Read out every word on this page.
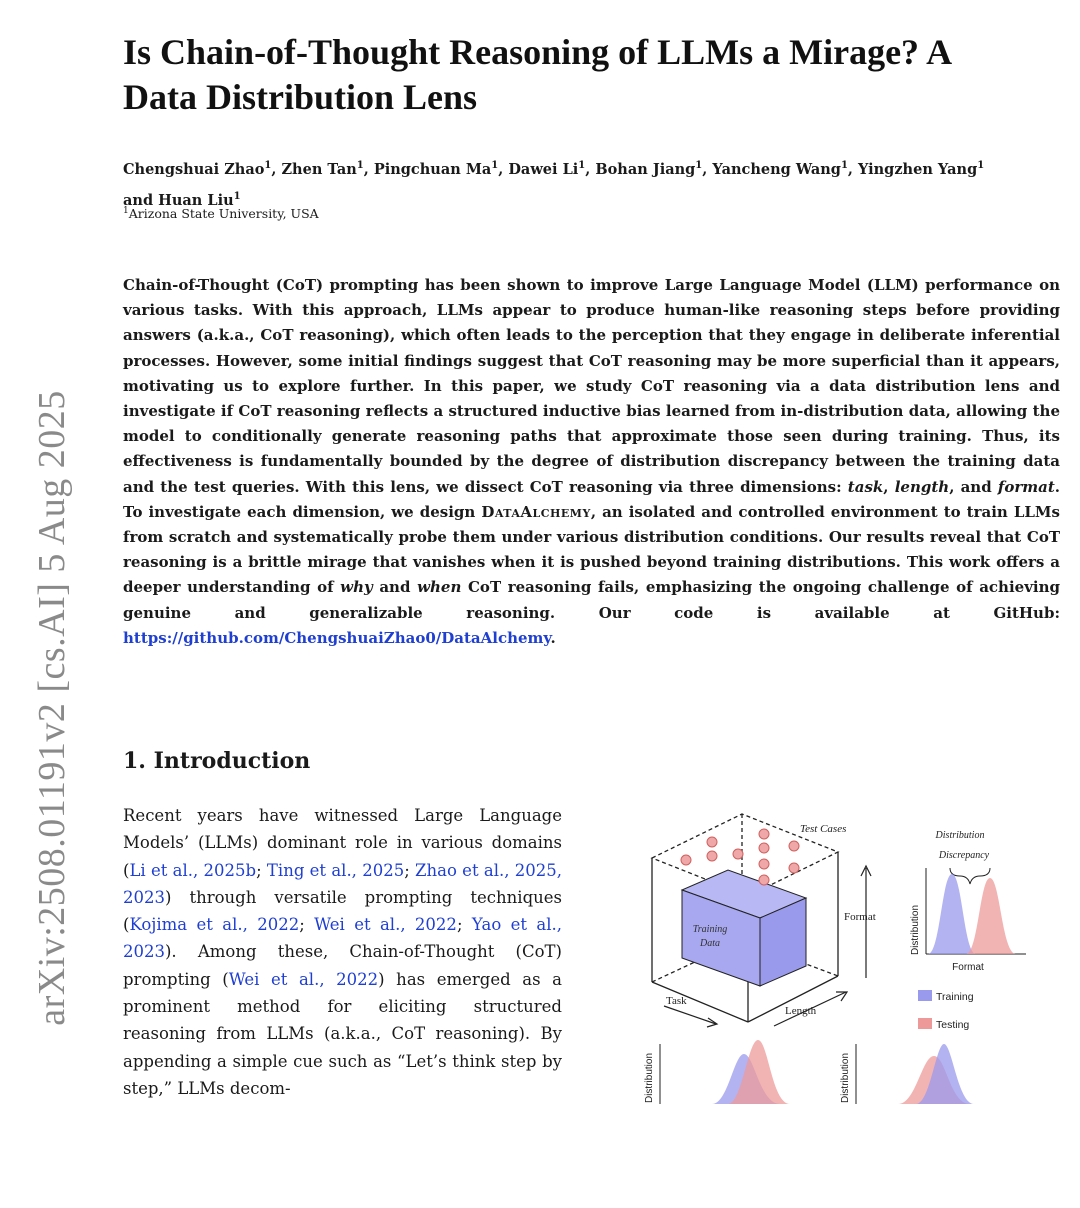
arXiv:2508.01191v2 [cs.AI] 5 Aug 2025
Is Chain-of-Thought Reasoning of LLMs a Mirage? A Data Distribution Lens
Chengshuai Zhao$^1$, Zhen Tan$^1$, Pingchuan Ma$^1$, Dawei Li$^1$, Bohan Jiang$^1$, Yancheng Wang$^1$, Yingzhen Yang$^1$
and Huan Liu$^1$
$^1$Arizona State University, USA
Chain-of-Thought (CoT) prompting has been shown to improve Large Language Model (LLM) performance on various tasks. With this approach, LLMs appear to produce human-like reasoning steps before providing answers (a.k.a., CoT reasoning), which often leads to the perception that they engage in deliberate inferential processes. However, some initial findings suggest that CoT reasoning may be more superficial than it appears, motivating us to explore further. In this paper, we study CoT reasoning via a data distribution lens and investigate if CoT reasoning reflects a structured inductive bias learned from in-distribution data, allowing the model to conditionally generate reasoning paths that approximate those seen during training. Thus, its effectiveness is fundamentally bounded by the degree of distribution discrepancy between the training data and the test queries. With this lens, we dissect CoT reasoning via three dimensions: task, length, and format. To investigate each dimension, we design DataAlchemy, an isolated and controlled environment to train LLMs from scratch and systematically probe them under various distribution conditions. Our results reveal that CoT reasoning is a brittle mirage that vanishes when it is pushed beyond training distributions. This work offers a deeper understanding of why and when CoT reasoning fails, emphasizing the ongoing challenge of achieving genuine and generalizable reasoning. Our code is available at GitHub: https://github.com/ChengshuaiZhao0/DataAlchemy.
1. Introduction
Recent years have witnessed Large Language Models’ (LLMs) dominant role in various domains (Li et al., 2025b; Ting et al., 2025; Zhao et al., 2025, 2023) through versatile prompting techniques (Kojima et al., 2022; Wei et al., 2022; Yao et al., 2023). Among these, Chain-of-Thought (CoT) prompting (Wei et al., 2022) has emerged as a prominent method for eliciting structured reasoning from LLMs (a.k.a., CoT reasoning). By appending a simple cue such as “Let’s think step by step,” LLMs decom-
Training
Data
Test Cases
Format
Task
Length
Distribution
Discrepancy
Distribution
Format
Training
Testing
Distribution	Distribution
